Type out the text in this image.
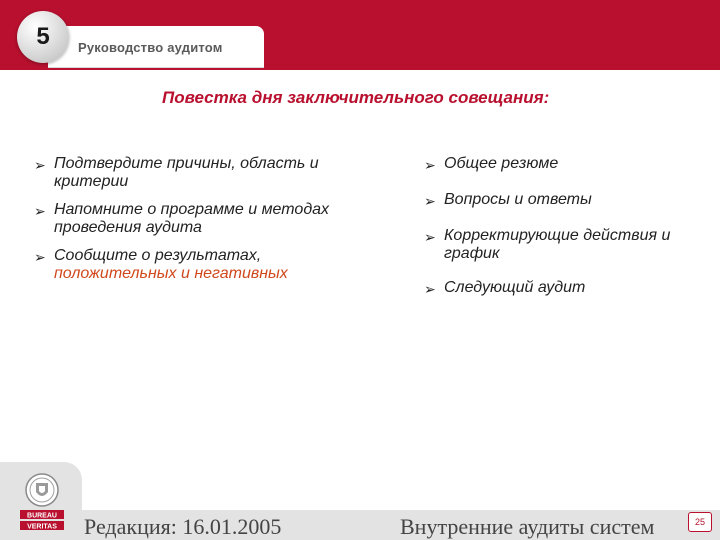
Руководство аудитом
5
Повестка дня заключительного совещания:
➢ Подтвердите причины, область и критерии
➢ Напомните о программе и методах проведения аудита
➢ Сообщите о результатах,
положительных и негативных
➢ Общее резюме
➢ Вопросы и ответы
➢ Корректирующие действия и график
➢ Следующий аудит
BUREAU
VERITAS Редакция: 16.01.2005	Внутренние аудиты систем	25
